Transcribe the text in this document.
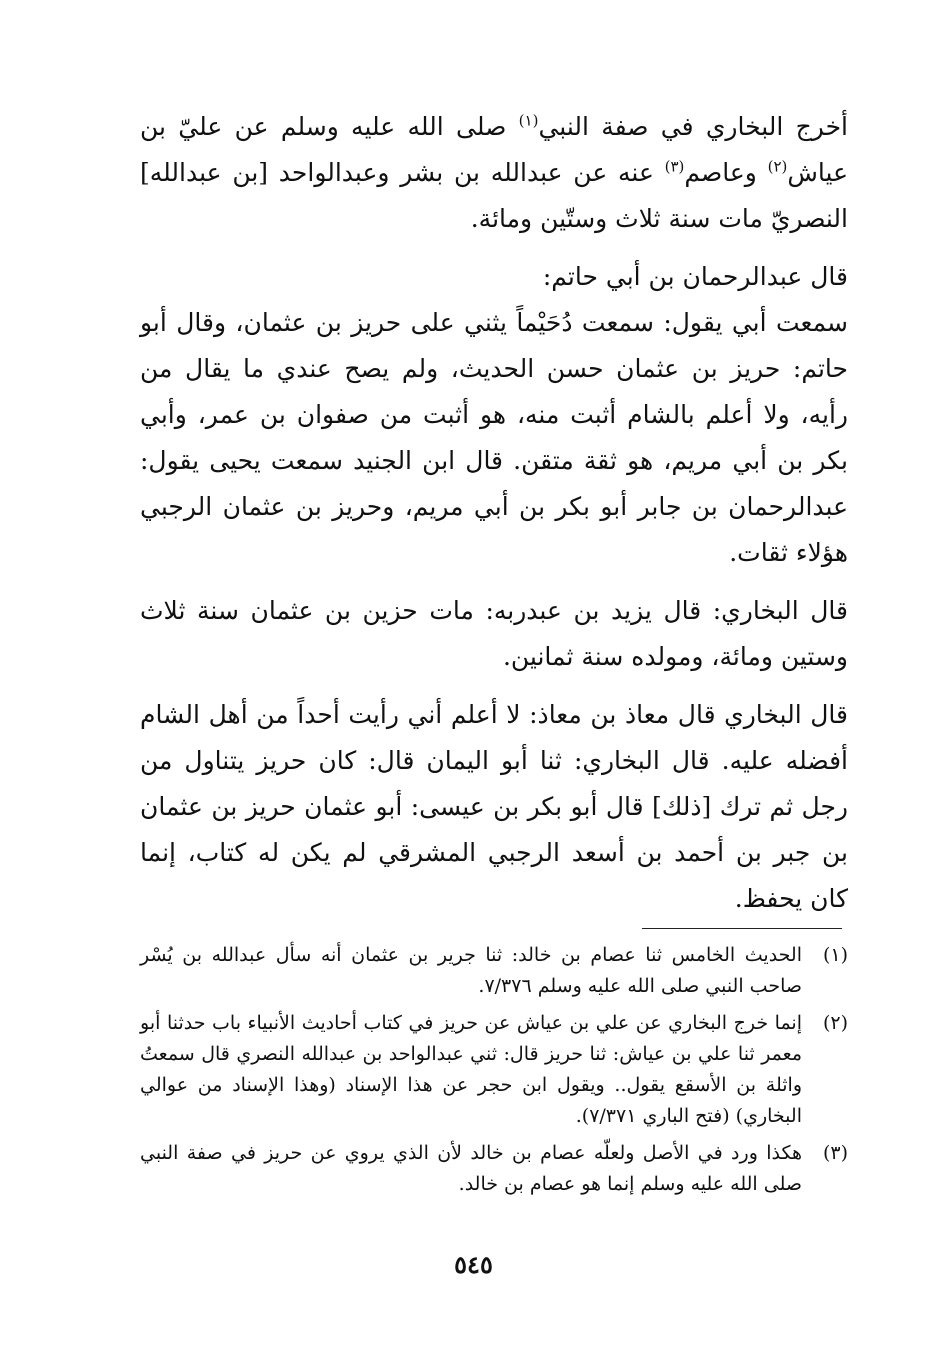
أخرج البخاري في صفة النبي$^{(١)}$ صلى الله عليه وسلم عن عليّ بن عياش$^{(٢)}$ وعاصم$^{(٣)}$ عنه عن عبدالله بن بشر وعبدالواحد [بن عبدالله] النصريّ مات سنة ثلاث وستّين ومائة.

قال عبدالرحمان بن أبي حاتم:

سمعت أبي يقول: سمعت دُحَيْماً يثني على حريز بن عثمان، وقال أبو حاتم: حريز بن عثمان حسن الحديث، ولم يصح عندي ما يقال من رأيه، ولا أعلم بالشام أثبت منه، هو أثبت من صفوان بن عمر، وأبي بكر بن أبي مريم، هو ثقة متقن. قال ابن الجنيد سمعت يحيى يقول: عبدالرحمان بن جابر أبو بكر بن أبي مريم، وحريز بن عثمان الرجبي هؤلاء ثقات.

قال البخاري: قال يزيد بن عبدربه: مات حزين بن عثمان سنة ثلاث وستين ومائة، ومولده سنة ثمانين.

قال البخاري قال معاذ بن معاذ: لا أعلم أني رأيت أحداً من أهل الشام أفضله عليه. قال البخاري: ثنا أبو اليمان قال: كان حريز يتناول من رجل ثم ترك [ذلك] قال أبو بكر بن عيسى: أبو عثمان حريز بن عثمان بن جبر بن أحمد بن أسعد الرجبي المشرقي لم يكن له كتاب، إنما كان يحفظ.

(١)
الحديث الخامس ثنا عصام بن خالد: ثنا جرير بن عثمان أنه سأل عبدالله بن يُسْر صاحب النبي صلى الله عليه وسلم ٧/٣٧٦.
(٢)
إنما خرج البخاري عن علي بن عياش عن حريز في كتاب أحاديث الأنبياء باب حدثنا أبو معمر ثنا علي بن عياش: ثنا حريز قال: ثني عبدالواحد بن عبدالله النصري قال سمعتُ واثلة بن الأسقع يقول.. ويقول ابن حجر عن هذا الإسناد (وهذا الإسناد من عوالي البخاري) (فتح الباري ٧/٣٧١).
(٣)
هكذا ورد في الأصل ولعلّه عصام بن خالد لأن الذي يروي عن حريز في صفة النبي صلى الله عليه وسلم إنما هو عصام بن خالد.
٥٤٥
